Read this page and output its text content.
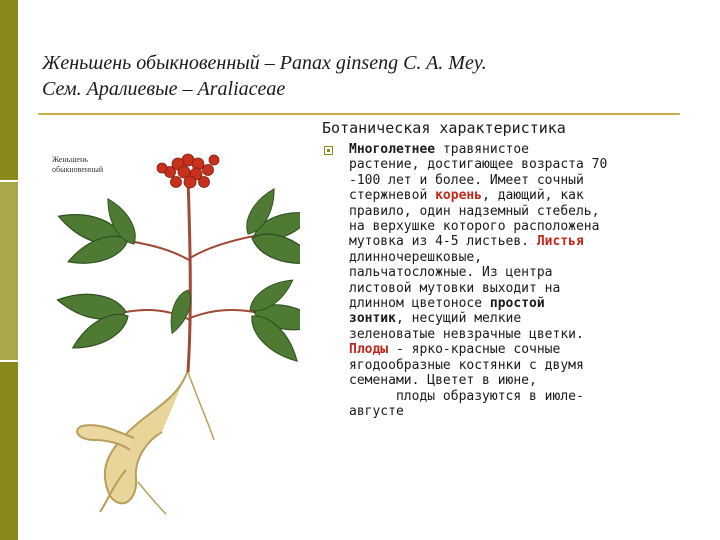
Женьшень обыкновенный – Panax ginseng C. A. Mey.
Сем. Аралиевые – Araliaceae
Женьшень
обыкновенный
Ботаническая характеристика
Многолетнее травянистое
растение, достигающее возраста 70
-100 лет и более. Имеет сочный
стержневой корень, дающий, как
правило, один надземный стебель,
на верхушке которого расположена
мутовка из 4-5 листьев. Листья
длинночерешковые,
пальчатосложные. Из центра
листовой мутовки выходит на
длинном цветоносе простой
зонтик, несущий мелкие
зеленоватые невзрачные цветки.
Плоды - ярко-красные сочные
ягодообразные костянки с двумя
семенами. Цветет в июне,
плоды образуются в июле-
августе
